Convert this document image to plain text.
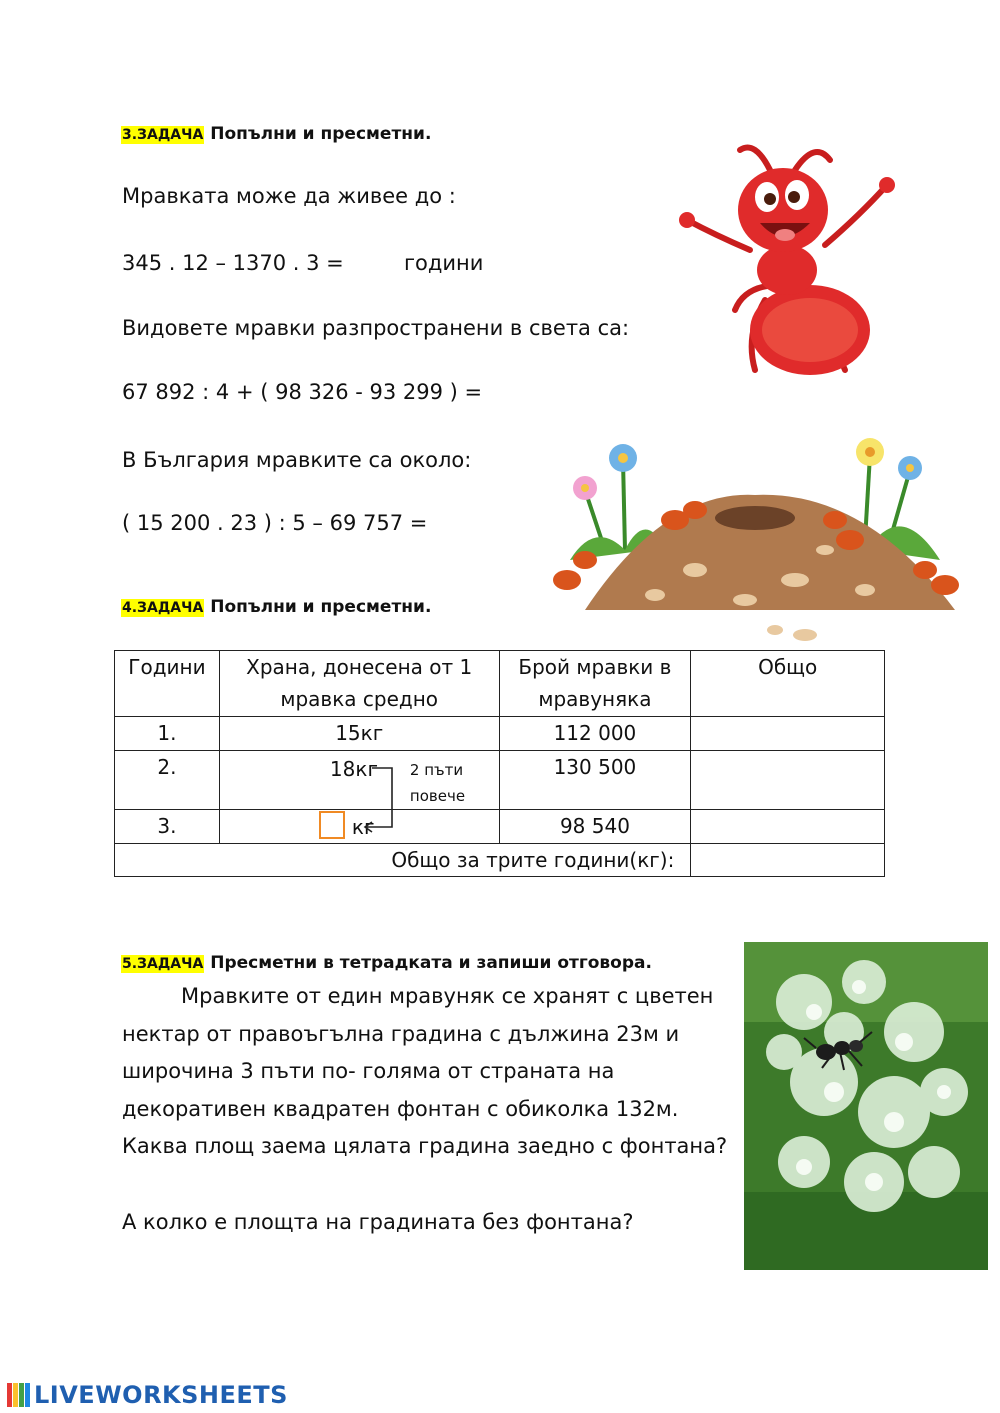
3.ЗАДАЧА Попълни и пресметни.
Мравката може да живее до :
345 . 12 – 1370 . 3 =	години
Видовете мравки разпространени в света са:
67 892 : 4 + ( 98 326 - 93 299 ) =
В България мравките са около:
( 15 200 . 23 ) : 5 – 69 757 =
4.ЗАДАЧА Попълни и пресметни.
Години	Храна, донесена от 1 мравка средно	Брой мравки в мравуняка	Общо
1.	15кг	112 000	
2.	18кг 2 пъти
повече	130 500	
3.	кг	98 540	
Общо за трите години(кг):			
5.ЗАДАЧА Пресметни в тетрадката и запиши отговора.
Мравките от един мравуняк се хранят с цветен
нектар от правоъгълна градина с дължина 23м и
широчина 3 пъти по- голяма от страната на
декоративен квадратен фонтан с обиколка 132м.
Каква площ заема цялата градина заедно с фонтана?
А колко е площта на градината без фонтана?
LIVEWORKSHEETS
